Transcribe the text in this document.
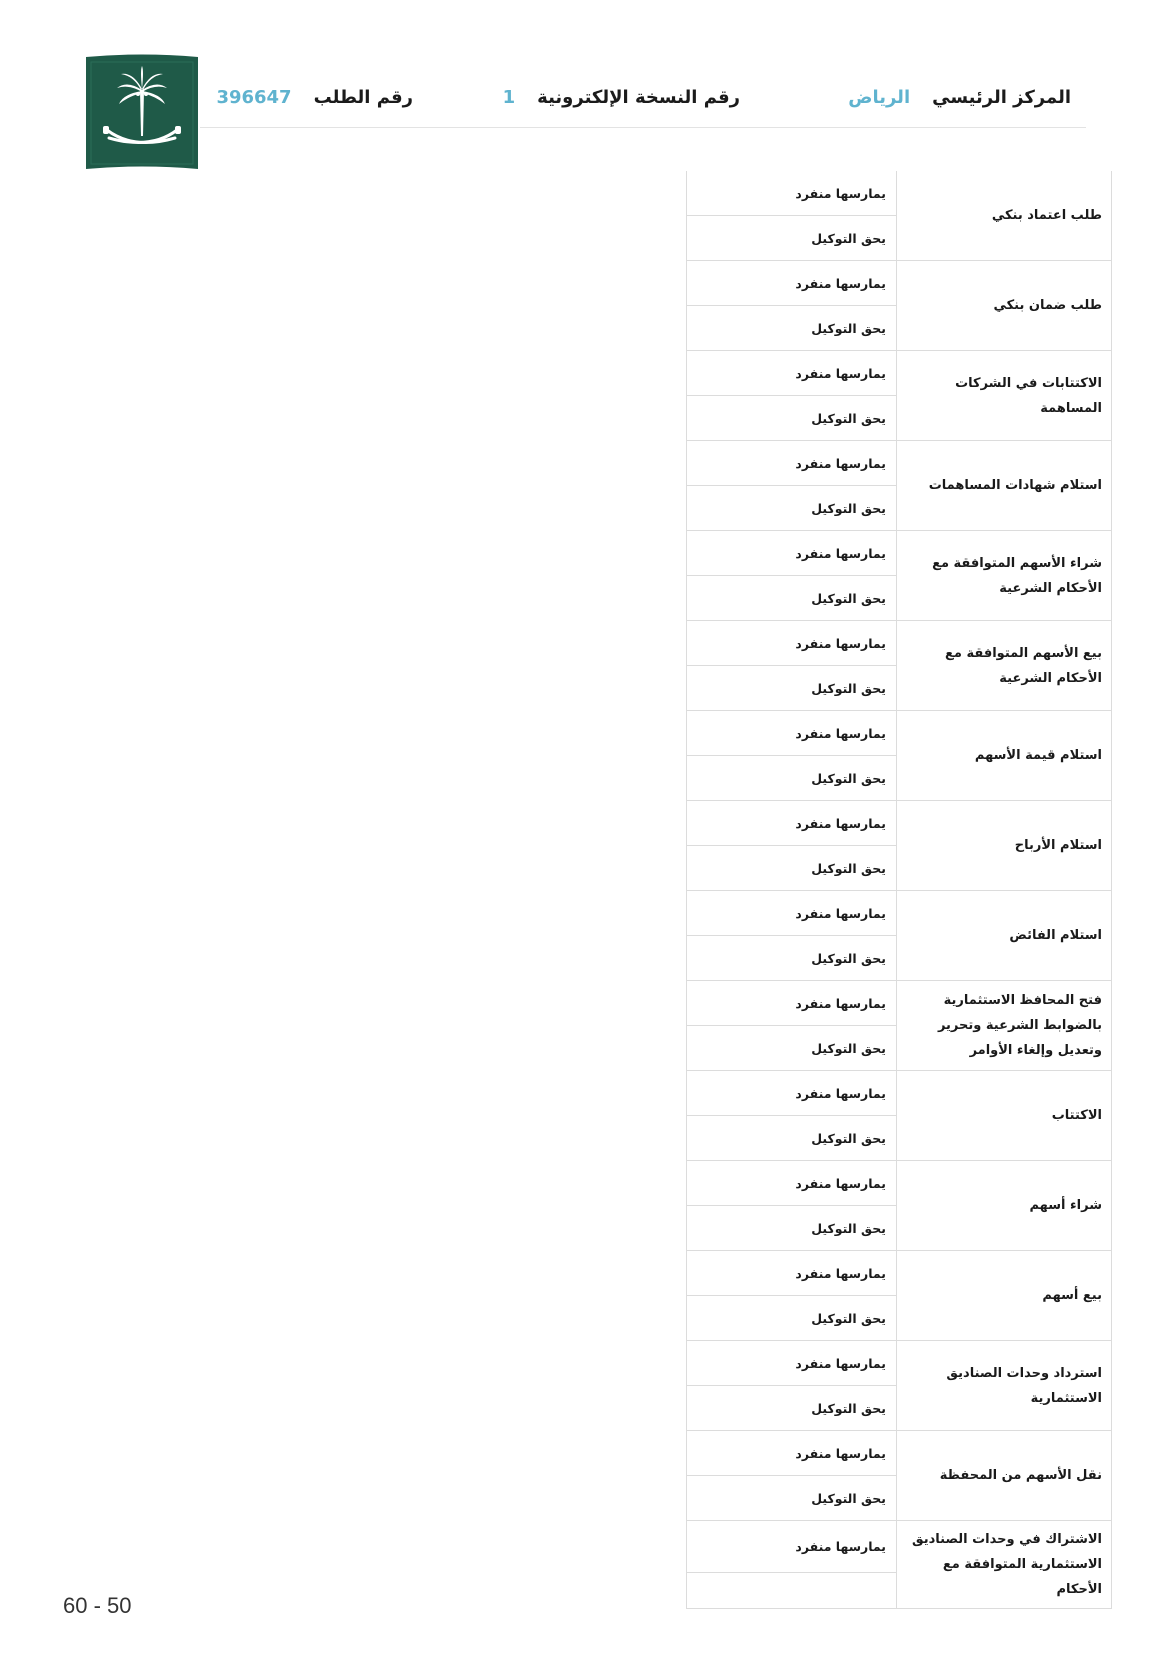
المركز الرئيسي
الرياض
رقم النسخة الإلكترونية
1
رقم الطلب
396647
طلب اعتماد بنكي	يمارسها منفرد
	يحق التوكيل
طلب ضمان بنكي	يمارسها منفرد
	يحق التوكيل
الاكتتابات في الشركات المساهمة	يمارسها منفرد
	يحق التوكيل
استلام شهادات المساهمات	يمارسها منفرد
	يحق التوكيل
شراء الأسهم المتوافقة مع الأحكام الشرعية	يمارسها منفرد
	يحق التوكيل
بيع الأسهم المتوافقة مع الأحكام الشرعية	يمارسها منفرد
	يحق التوكيل
استلام قيمة الأسهم	يمارسها منفرد
	يحق التوكيل
استلام الأرباح	يمارسها منفرد
	يحق التوكيل
استلام الفائض	يمارسها منفرد
	يحق التوكيل
فتح المحافظ الاستثمارية بالضوابط الشرعية وتحرير وتعديل وإلغاء الأوامر	يمارسها منفرد
	يحق التوكيل
الاكتتاب	يمارسها منفرد
	يحق التوكيل
شراء أسهم	يمارسها منفرد
	يحق التوكيل
بيع أسهم	يمارسها منفرد
	يحق التوكيل
استرداد وحدات الصناديق الاستثمارية	يمارسها منفرد
	يحق التوكيل
نقل الأسهم من المحفظة	يمارسها منفرد
	يحق التوكيل
الاشتراك في وحدات الصناديق الاستثمارية المتوافقة مع الأحكام	يمارسها منفرد

60 - 50
